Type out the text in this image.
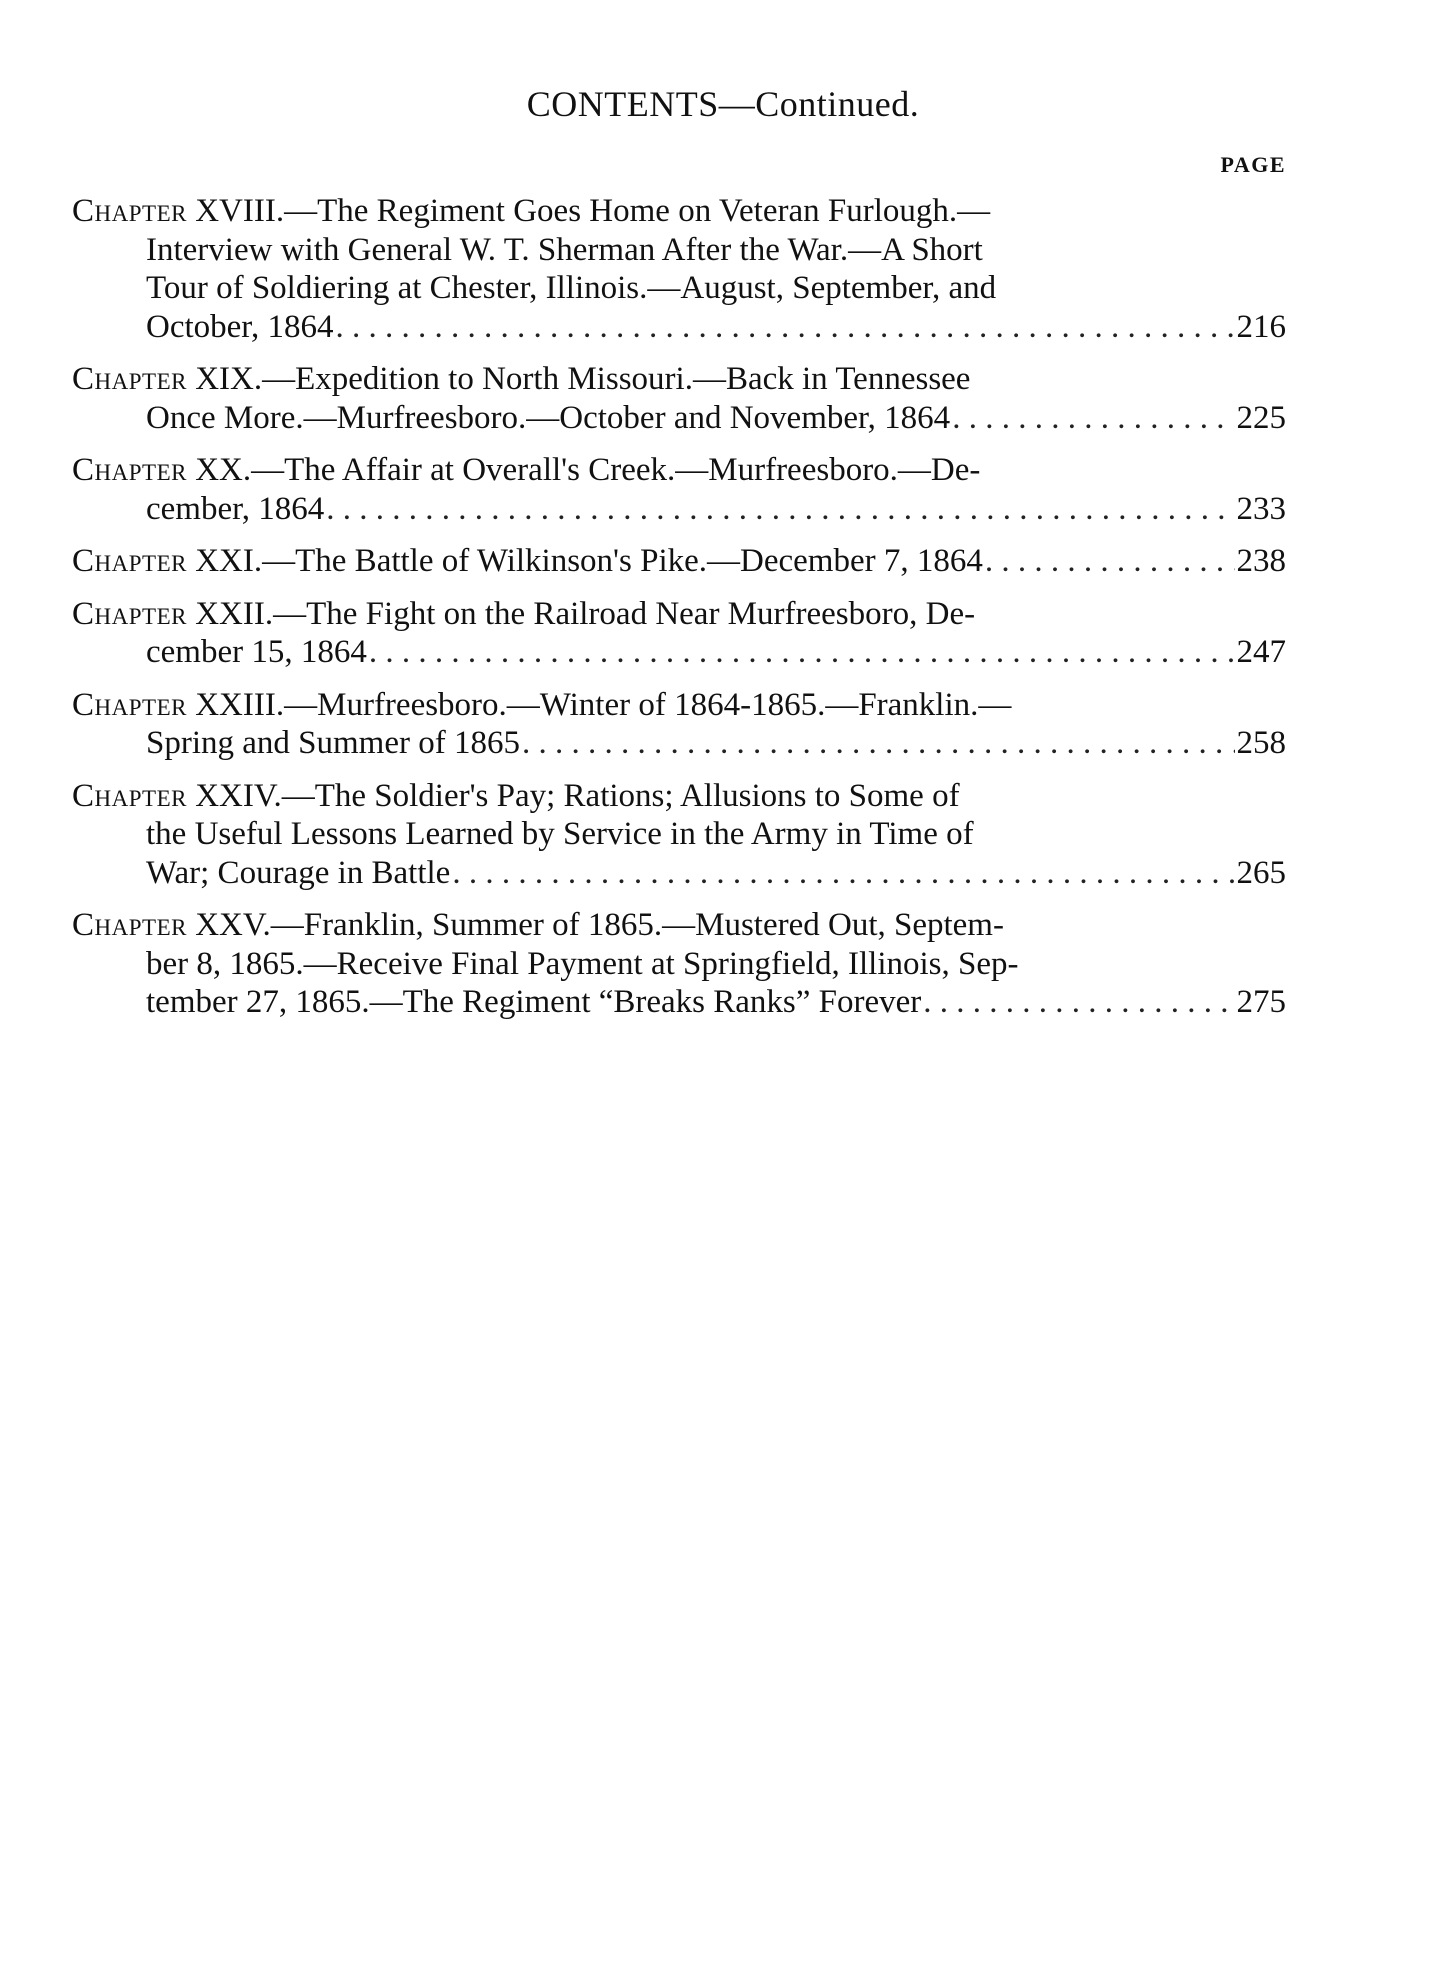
CONTENTS—Continued.
PAGE
Chapter XVIII.—The Regiment Goes Home on Veteran Furlough.—
Interview with General W. T. Sherman After the War.—A Short
Tour of Soldiering at Chester, Illinois.—August, September, and
October, 1864 . . .	216
Chapter XIX.—Expedition to North Missouri.—Back in Tennessee
Once More.—Murfreesboro.—October and November, 1864 . . .	225
Chapter XX.—The Affair at Overall's Creek.—Murfreesboro.—De-
cember, 1864 . . .	233
Chapter XXI.—The Battle of Wilkinson's Pike.—December 7, 1864 . . .	238
Chapter XXII.—The Fight on the Railroad Near Murfreesboro, De-
cember 15, 1864 . . .	247
Chapter XXIII.—Murfreesboro.—Winter of 1864-1865.—Franklin.—
Spring and Summer of 1865 . . .	258
Chapter XXIV.—The Soldier's Pay; Rations; Allusions to Some of
the Useful Lessons Learned by Service in the Army in Time of
War; Courage in Battle . . .	265
Chapter XXV.—Franklin, Summer of 1865.—Mustered Out, Septem-
ber 8, 1865.—Receive Final Payment at Springfield, Illinois, Sep-
tember 27, 1865.—The Regiment “Breaks Ranks” Forever . . .	275
